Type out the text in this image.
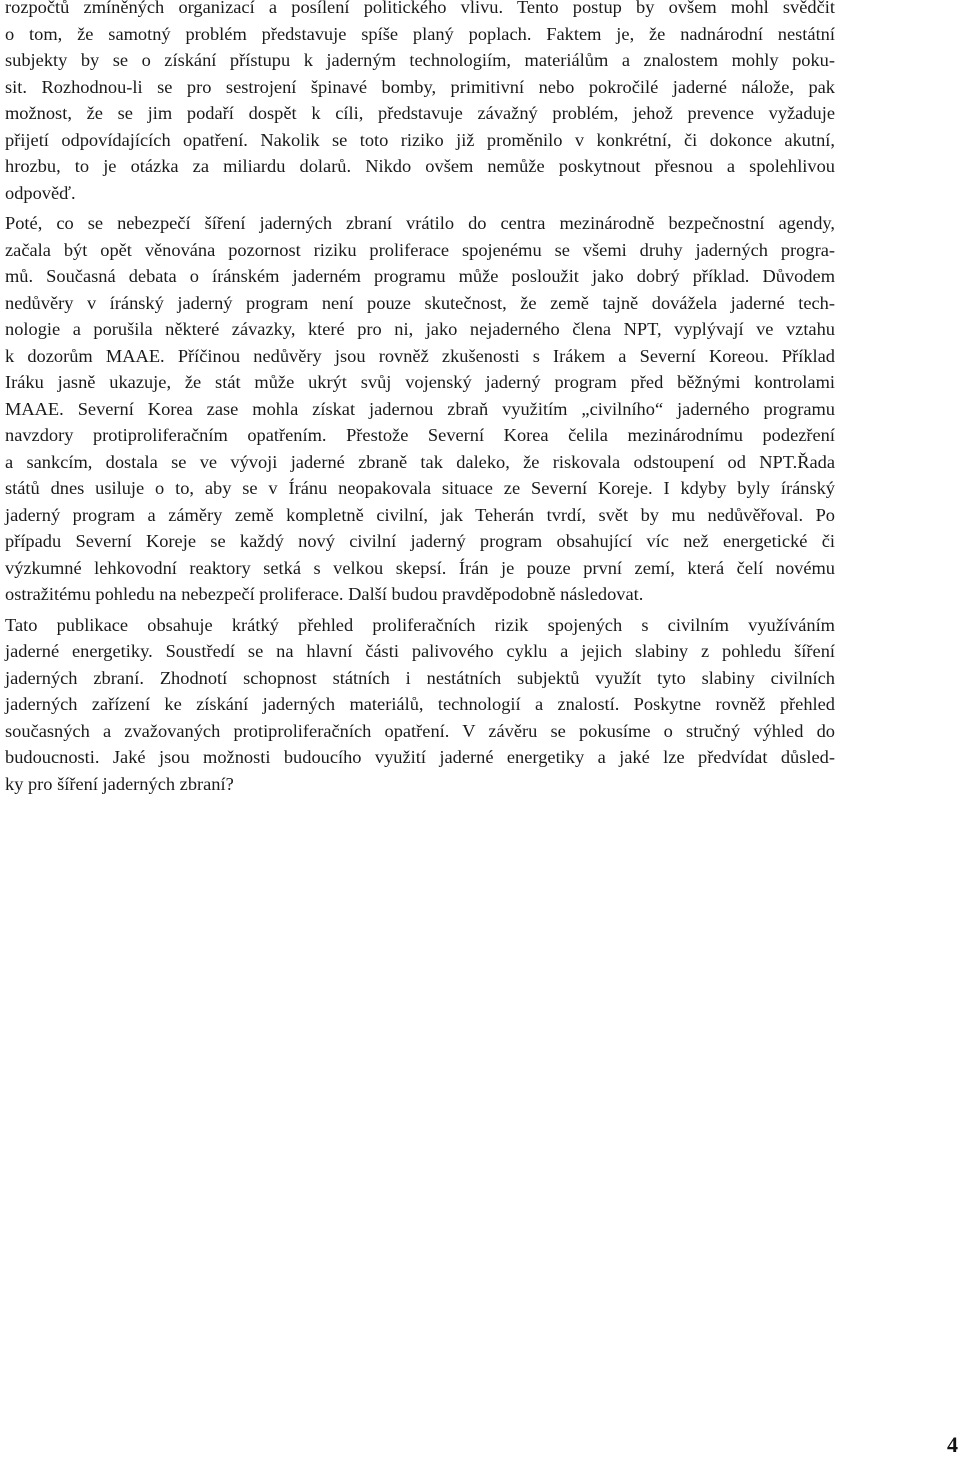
rozpočtů zmíněných organizací a posílení politického vlivu. Tento postup by ovšem mohl svědčit
o tom, že samotný problém představuje spíše planý poplach. Faktem je, že nadnárodní nestátní
subjekty by se o získání přístupu k jaderným technologiím, materiálům a znalostem mohly poku-
sit. Rozhodnou-li se pro sestrojení špinavé bomby, primitivní nebo pokročilé jaderné nálože, pak
možnost, že se jim podaří dospět k cíli, představuje závažný problém, jehož prevence vyžaduje
přijetí odpovídajících opatření. Nakolik se toto riziko již proměnilo v konkrétní, či dokonce akutní,
hrozbu, to je otázka za miliardu dolarů. Nikdo ovšem nemůže poskytnout přesnou a spolehlivou
odpověď.
Poté, co se nebezpečí šíření jaderných zbraní vrátilo do centra mezinárodně bezpečnostní agendy,
začala být opět věnována pozornost riziku proliferace spojenému se všemi druhy jaderných progra-
mů. Současná debata o íránském jaderném programu může posloužit jako dobrý příklad. Důvodem
nedůvěry v íránský jaderný program není pouze skutečnost, že země tajně dovážela jaderné tech-
nologie a porušila některé závazky, které pro ni, jako nejaderného člena NPT, vyplývají ve vztahu
k dozorům MAAE. Příčinou nedůvěry jsou rovněž zkušenosti s Irákem a Severní Koreou. Příklad
Iráku jasně ukazuje, že stát může ukrýt svůj vojenský jaderný program před běžnými kontrolami
MAAE. Severní Korea zase mohla získat jadernou zbraň využitím „civilního“ jaderného programu
navzdory protiproliferačním opatřením. Přestože Severní Korea čelila mezinárodnímu podezření
a sankcím, dostala se ve vývoji jaderné zbraně tak daleko, že riskovala odstoupení od NPT.Řada
států dnes usiluje o to, aby se v Íránu neopakovala situace ze Severní Koreje. I kdyby byly íránský
jaderný program a záměry země kompletně civilní, jak Teherán tvrdí, svět by mu nedůvěřoval. Po
případu Severní Koreje se každý nový civilní jaderný program obsahující víc než energetické či
výzkumné lehkovodní reaktory setká s velkou skepsí. Írán je pouze první zemí, která čelí novému
ostražitému pohledu na nebezpečí proliferace. Další budou pravděpodobně následovat.
Tato publikace obsahuje krátký přehled proliferačních rizik spojených s civilním využíváním
jaderné energetiky. Soustředí se na hlavní části palivového cyklu a jejich slabiny z pohledu šíření
jaderných zbraní. Zhodnotí schopnost státních i nestátních subjektů využít tyto slabiny civilních
jaderných zařízení ke získání jaderných materiálů, technologií a znalostí. Poskytne rovněž přehled
současných a zvažovaných protiproliferačních opatření. V závěru se pokusíme o stručný výhled do
budoucnosti. Jaké jsou možnosti budoucího využití jaderné energetiky a jaké lze předvídat důsled-
ky pro šíření jaderných zbraní?
4
